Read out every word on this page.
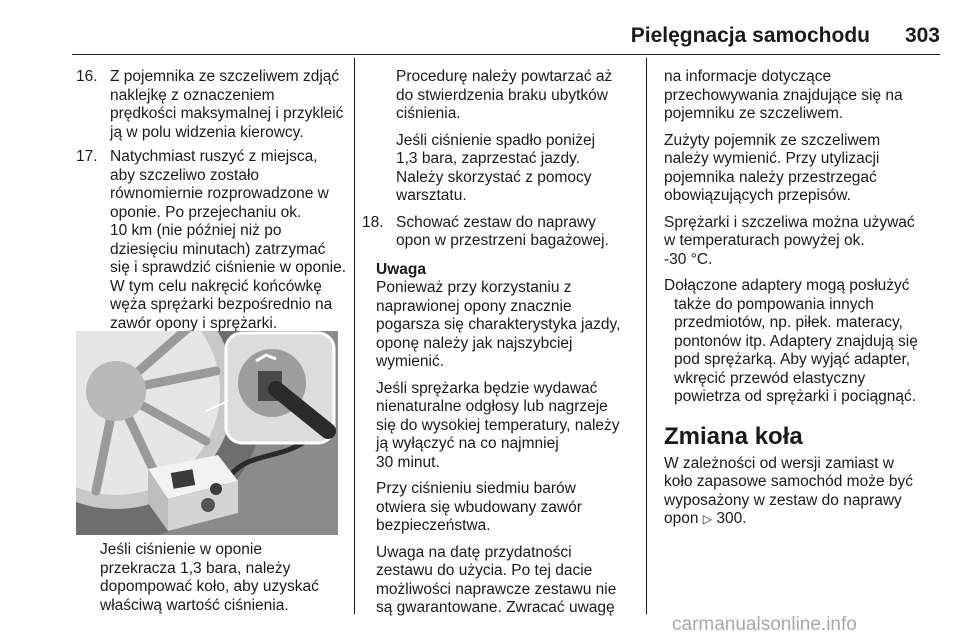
Pielęgnacja samochodu	303
16. Z pojemnika ze szczeliwem zdjąć
naklejkę z oznaczeniem
prędkości maksymalnej i przykleić
ją w polu widzenia kierowcy.
17. Natychmiast ruszyć z miejsca,
aby szczeliwo zostało
równomiernie rozprowadzone w
oponie. Po przejechaniu ok.
10 km (nie później niż po
dziesięciu minutach) zatrzymać
się i sprawdzić ciśnienie w oponie.
W tym celu nakręcić końcówkę
węża sprężarki bezpośrednio na
zawór opony i sprężarki.
Jeśli ciśnienie w oponie
przekracza 1,3 bara, należy
dopompować koło, aby uzyskać
właściwą wartość ciśnienia.

Procedurę należy powtarzać aż
do stwierdzenia braku ubytków
ciśnienia.

Jeśli ciśnienie spadło poniżej
1,3 bara, zaprzestać jazdy.
Należy skorzystać z pomocy
warsztatu.

18. Schować zestaw do naprawy
opon w przestrzeni bagażowej.
Uwaga

Ponieważ przy korzystaniu z
naprawionej opony znacznie
pogarsza się charakterystyka jazdy,
oponę należy jak najszybciej
wymienić.

Jeśli sprężarka będzie wydawać
nienaturalne odgłosy lub nagrzeje
się do wysokiej temperatury, należy
ją wyłączyć na co najmniej
30 minut.

Przy ciśnieniu siedmiu barów
otwiera się wbudowany zawór
bezpieczeństwa.

Uwaga na datę przydatności
zestawu do użycia. Po tej dacie
możliwości naprawcze zestawu nie
są gwarantowane. Zwracać uwagę

na informacje dotyczące
przechowywania znajdujące się na
pojemniku ze szczeliwem.

Zużyty pojemnik ze szczeliwem
należy wymienić. Przy utylizacji
pojemnika należy przestrzegać
obowiązujących przepisów.

Sprężarki i szczeliwa można używać
w temperaturach powyżej ok.
-30 °C.

Dołączone adaptery mogą posłużyć
także do pompowania innych
przedmiotów, np. piłek. materacy,
pontonów itp. Adaptery znajdują się
pod sprężarką. Aby wyjąć adapter,
wkręcić przewód elastyczny
powietrza od sprężarki i pociągnąć.

Zmiana koła

W zależności od wersji zamiast w
koło zapasowe samochód może być
wyposażony w zestaw do naprawy
opon ▷ 300.

carmanualsonline.info
